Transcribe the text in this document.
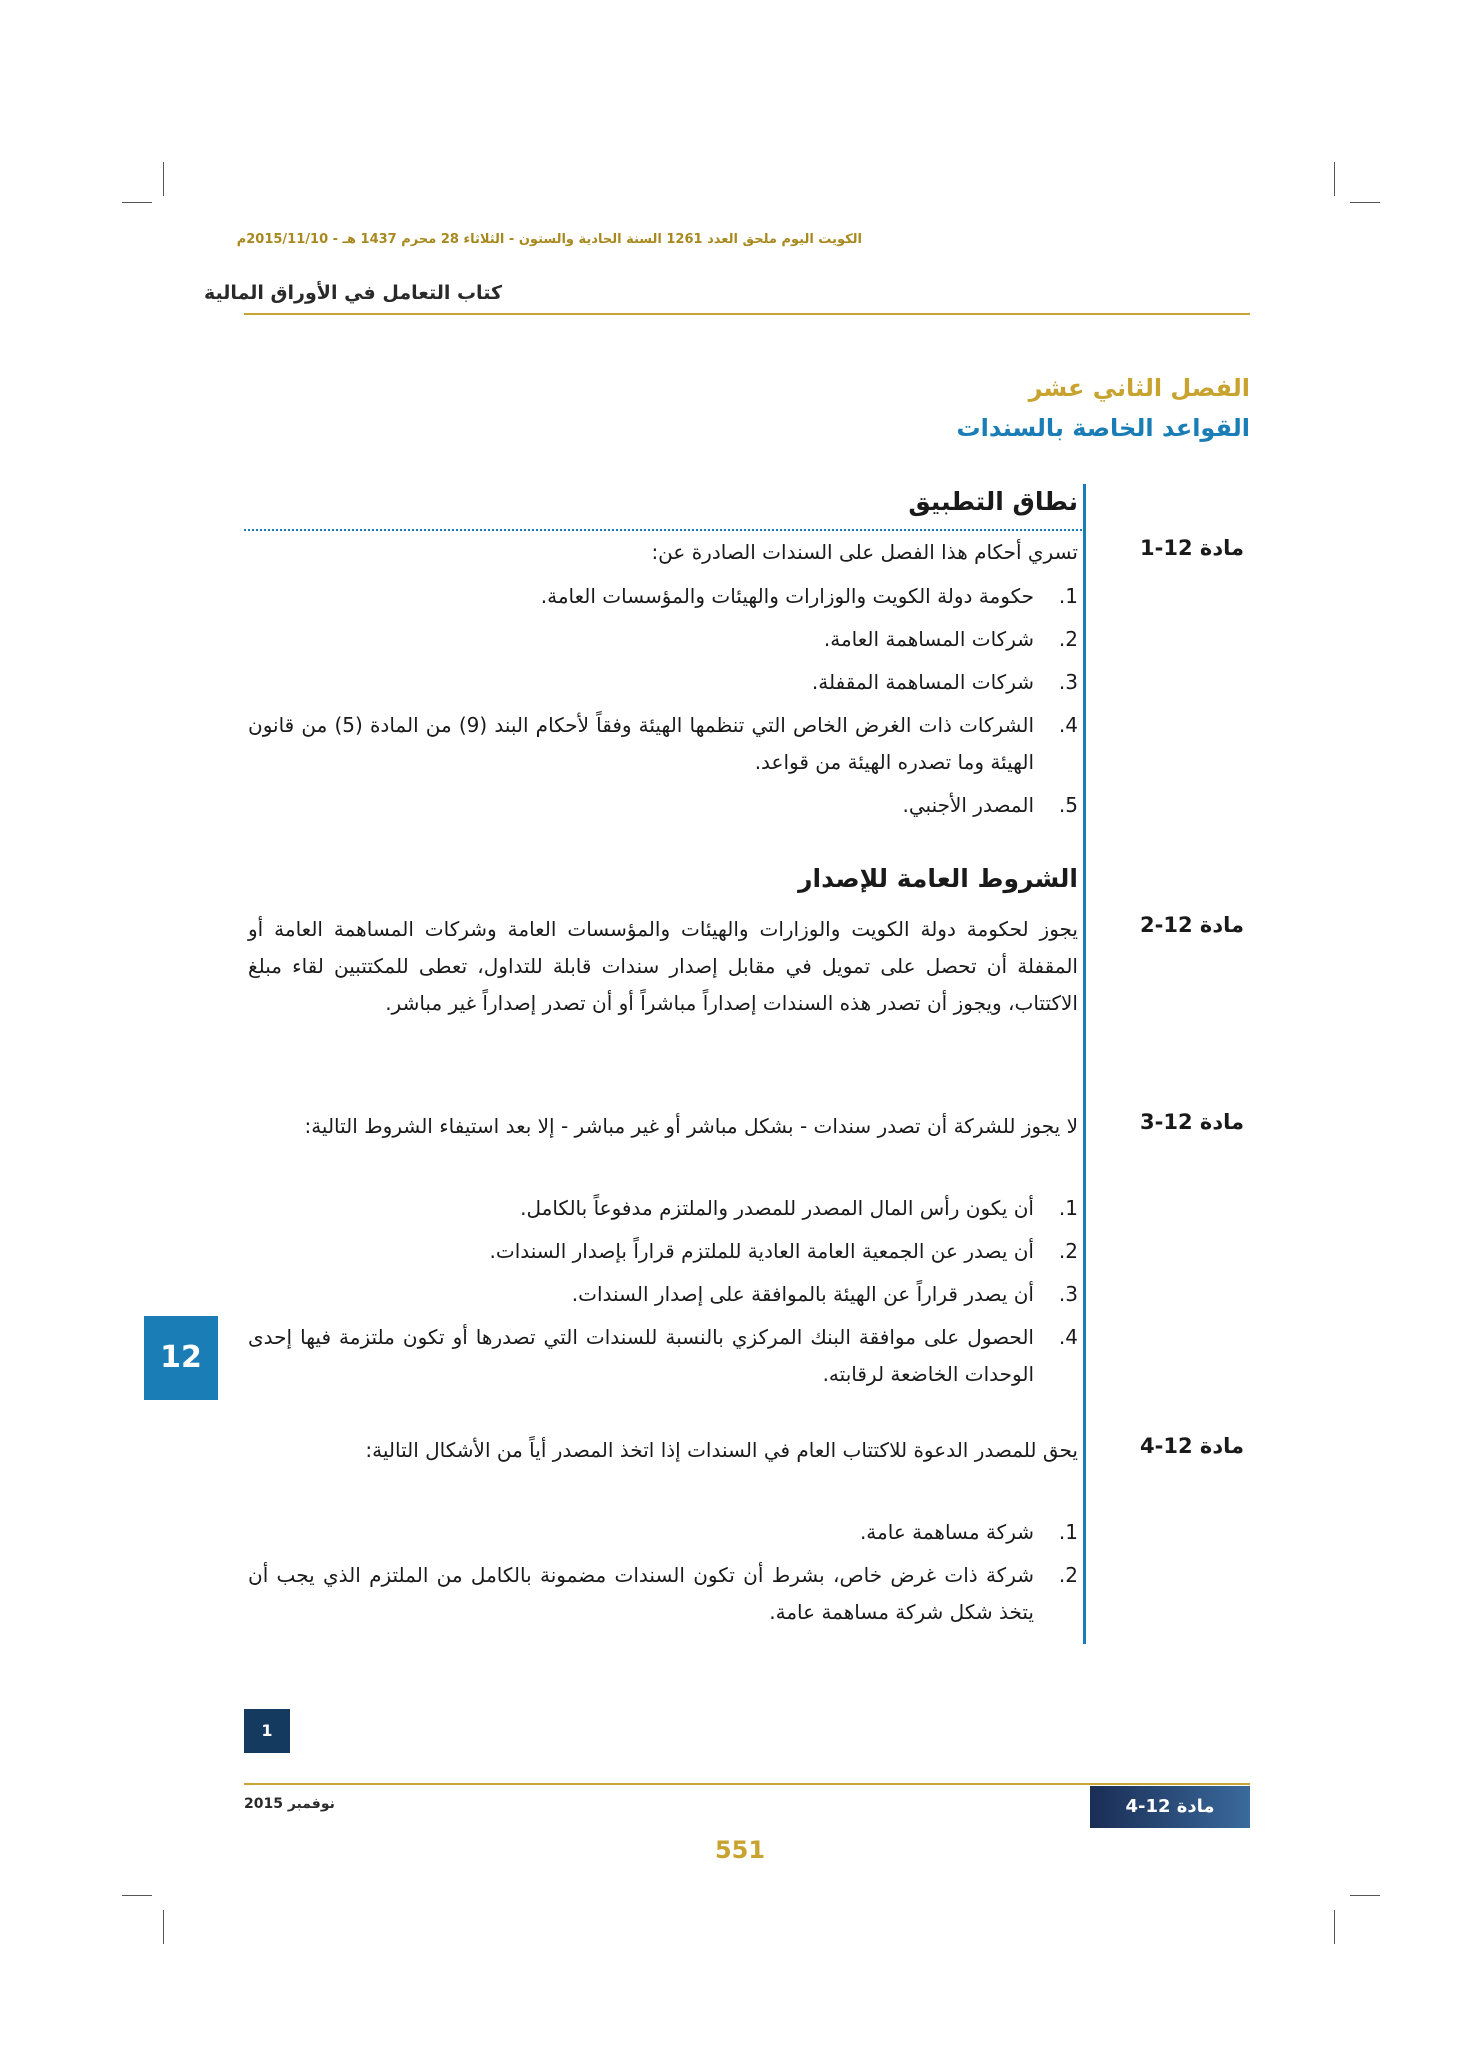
الكويت اليوم ملحق العدد 1261 السنة الحادية والستون - الثلاثاء 28 محرم 1437 هـ - 2015/11/10م
كتاب التعامل في الأوراق المالية
الفصل الثاني عشر
القواعد الخاصة بالسندات
نطاق التطبيق
مادة 12-1
تسري أحكام هذا الفصل على السندات الصادرة عن:
1.
حكومة دولة الكويت والوزارات والهيئات والمؤسسات العامة.
2.
شركات المساهمة العامة.
3.
شركات المساهمة المقفلة.
4.
الشركات ذات الغرض الخاص التي تنظمها الهيئة وفقاً لأحكام البند (9) من المادة (5) من قانون الهيئة وما تصدره الهيئة من قواعد.
5.
المصدر الأجنبي.
الشروط العامة للإصدار
مادة 12-2
يجوز لحكومة دولة الكويت والوزارات والهيئات والمؤسسات العامة وشركات المساهمة العامة أو المقفلة أن تحصل على تمويل في مقابل إصدار سندات قابلة للتداول، تعطى للمكتتبين لقاء مبلغ الاكتتاب، ويجوز أن تصدر هذه السندات إصداراً مباشراً أو أن تصدر إصداراً غير مباشر.
مادة 12-3
لا يجوز للشركة أن تصدر سندات - بشكل مباشر أو غير مباشر - إلا بعد استيفاء الشروط التالية:
1.
أن يكون رأس المال المصدر للمصدر والملتزم مدفوعاً بالكامل.
2.
أن يصدر عن الجمعية العامة العادية للملتزم قراراً بإصدار السندات.
3.
أن يصدر قراراً عن الهيئة بالموافقة على إصدار السندات.
4.
الحصول على موافقة البنك المركزي بالنسبة للسندات التي تصدرها أو تكون ملتزمة فيها إحدى الوحدات الخاضعة لرقابته.
مادة 12-4
يحق للمصدر الدعوة للاكتتاب العام في السندات إذا اتخذ المصدر أياً من الأشكال التالية:
1.
شركة مساهمة عامة.
2.
شركة ذات غرض خاص، بشرط أن تكون السندات مضمونة بالكامل من الملتزم الذي يجب أن يتخذ شكل شركة مساهمة عامة.
12
1
نوفمبر 2015	مادة 12-4
551
